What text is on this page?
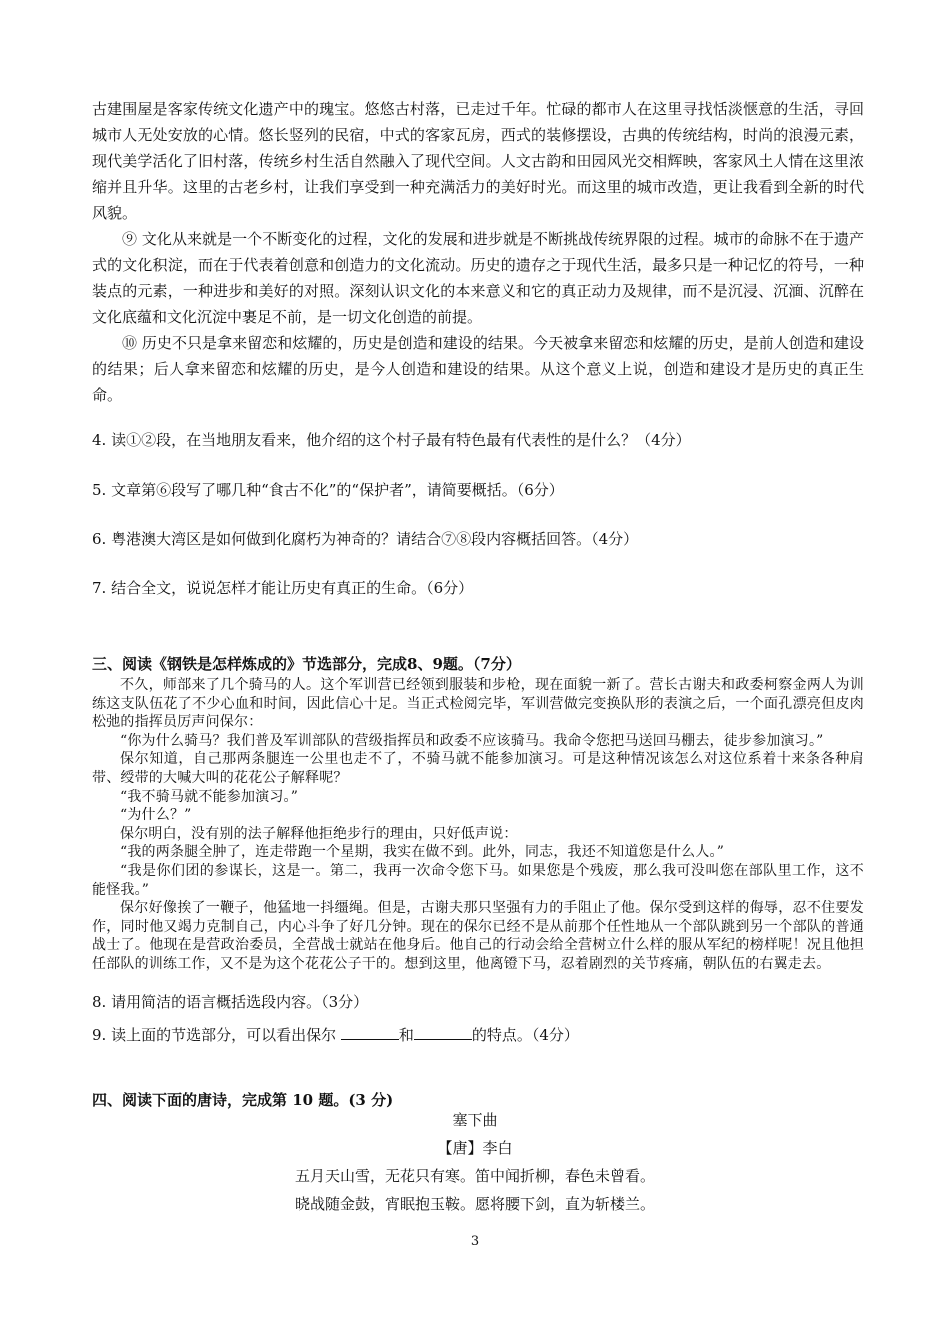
古建围屋是客家传统文化遗产中的瑰宝。悠悠古村落，已走过千年。忙碌的都市人在这里寻找恬淡惬意的生活，寻回城市人无处安放的心情。悠长竖列的民宿，中式的客家瓦房，西式的装修摆设，古典的传统结构，时尚的浪漫元素，现代美学活化了旧村落，传统乡村生活自然融入了现代空间。人文古韵和田园风光交相辉映，客家风土人情在这里浓缩并且升华。这里的古老乡村，让我们享受到一种充满活力的美好时光。而这里的城市改造，更让我看到全新的时代风貌。

⑨ 文化从来就是一个不断变化的过程，文化的发展和进步就是不断挑战传统界限的过程。城市的命脉不在于遗产式的文化积淀，而在于代表着创意和创造力的文化流动。历史的遗存之于现代生活，最多只是一种记忆的符号，一种装点的元素，一种进步和美好的对照。深刻认识文化的本来意义和它的真正动力及规律，而不是沉浸、沉湎、沉醉在文化底蕴和文化沉淀中裹足不前，是一切文化创造的前提。

⑩ 历史不只是拿来留恋和炫耀的，历史是创造和建设的结果。今天被拿来留恋和炫耀的历史，是前人创造和建设的结果；后人拿来留恋和炫耀的历史，是今人创造和建设的结果。从这个意义上说，创造和建设才是历史的真正生命。

4. 读①②段，在当地朋友看来，他介绍的这个村子最有特色最有代表性的是什么？（4分）
5. 文章第⑥段写了哪几种“食古不化”的“保护者”，请简要概括。（6分）
6. 粤港澳大湾区是如何做到化腐朽为神奇的？请结合⑦⑧段内容概括回答。（4分）
7. 结合全文，说说怎样才能让历史有真正的生命。（6分）
三、阅读《钢铁是怎样炼成的》节选部分，完成8、9题。（7分）

不久，师部来了几个骑马的人。这个军训营已经领到服装和步枪，现在面貌一新了。营长古谢夫和政委柯察金两人为训练这支队伍花了不少心血和时间，因此信心十足。当正式检阅完毕，军训营做完变换队形的表演之后，一个面孔漂亮但皮肉松弛的指挥员厉声问保尔：

“你为什么骑马？我们普及军训部队的营级指挥员和政委不应该骑马。我命令您把马送回马棚去，徒步参加演习。”

保尔知道，自己那两条腿连一公里也走不了，不骑马就不能参加演习。可是这种情况该怎么对这位系着十来条各种肩带、绶带的大喊大叫的花花公子解释呢？

“我不骑马就不能参加演习。”

“为什么？”

保尔明白，没有别的法子解释他拒绝步行的理由，只好低声说：

“我的两条腿全肿了，连走带跑一个星期，我实在做不到。此外，同志，我还不知道您是什么人。”

“我是你们团的参谋长，这是一。第二，我再一次命令您下马。如果您是个残废，那么我可没叫您在部队里工作，这不能怪我。”

保尔好像挨了一鞭子，他猛地一抖缰绳。但是，古谢夫那只坚强有力的手阻止了他。保尔受到这样的侮辱，忍不住要发作，同时他又竭力克制自己，内心斗争了好几分钟。现在的保尔已经不是从前那个任性地从一个部队跳到另一个部队的普通战士了。他现在是营政治委员，全营战士就站在他身后。他自己的行动会给全营树立什么样的服从军纪的榜样呢！况且他担任部队的训练工作，又不是为这个花花公子干的。想到这里，他离镫下马，忍着剧烈的关节疼痛，朝队伍的右翼走去。

8. 请用简洁的语言概括选段内容。（3分）
9. 读上面的节选部分，可以看出保尔	和	的特点。（4分）
四、阅读下面的唐诗，完成第 10 题。(3 分)
塞下曲
【唐】李白
五月天山雪，无花只有寒。笛中闻折柳，春色未曾看。
晓战随金鼓，宵眠抱玉鞍。愿将腰下剑，直为斩楼兰。
3
